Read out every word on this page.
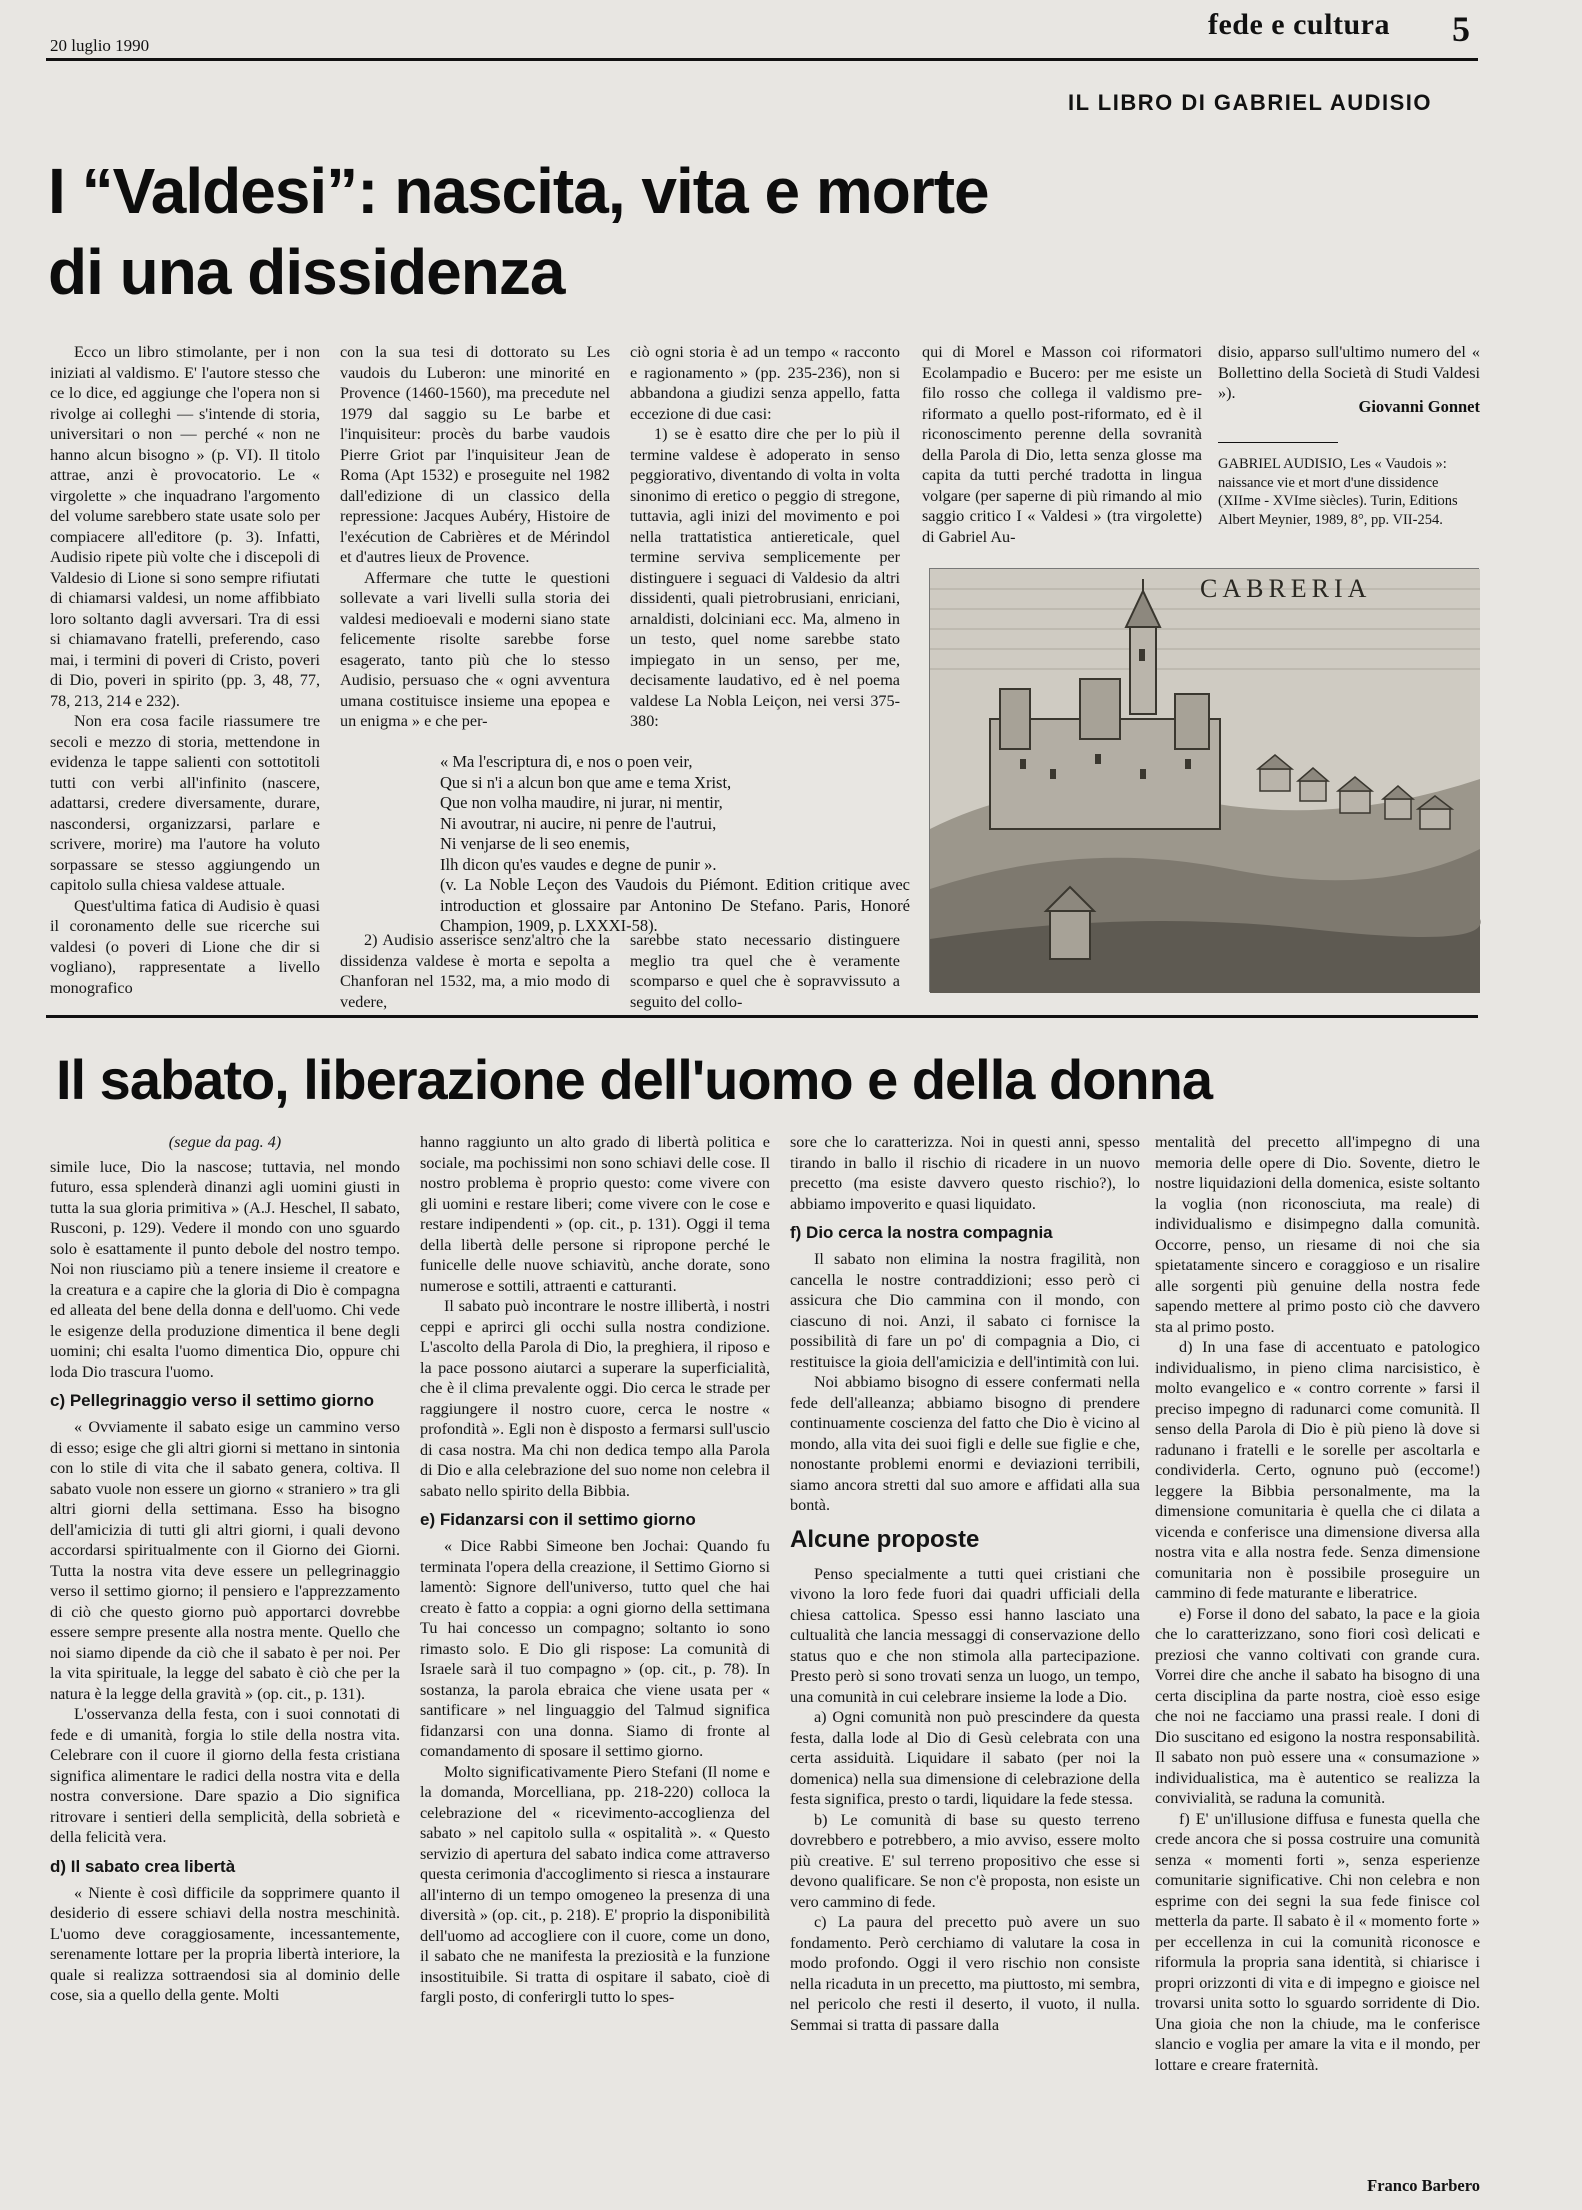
20 luglio 1990
fede e cultura 5
IL LIBRO DI GABRIEL AUDISIO
I “Valdesi”: nascita, vita e morte
di una dissidenza

Ecco un libro stimolante, per i non iniziati al valdismo. E' l'autore stesso che ce lo dice, ed aggiunge che l'opera non si rivolge ai colleghi — s'intende di storia, universitari o non — perché « non ne hanno alcun bisogno » (p. VI). Il titolo attrae, anzi è provocatorio. Le « virgolette » che inquadrano l'argomento del volume sarebbero state usate solo per compiacere all'editore (p. 3). Infatti, Audisio ripete più volte che i discepoli di Valdesio di Lione si sono sempre rifiutati di chiamarsi valdesi, un nome affibbiato loro soltanto dagli avversari. Tra di essi si chiamavano fratelli, preferendo, caso mai, i termini di poveri di Cristo, poveri di Dio, poveri in spirito (pp. 3, 48, 77, 78, 213, 214 e 232).

Non era cosa facile riassumere tre secoli e mezzo di storia, mettendone in evidenza le tappe salienti con sottotitoli tutti con verbi all'infinito (nascere, adattarsi, credere diversamente, durare, nascondersi, organizzarsi, parlare e scrivere, morire) ma l'autore ha voluto sorpassare se stesso aggiungendo un capitolo sulla chiesa valdese attuale.

Quest'ultima fatica di Audisio è quasi il coronamento delle sue ricerche sui valdesi (o poveri di Lione che dir si vogliano), rappresentate a livello monografico

con la sua tesi di dottorato su Les vaudois du Luberon: une minorité en Provence (1460-1560), ma precedute nel 1979 dal saggio su Le barbe et l'inquisiteur: procès du barbe vaudois Pierre Griot par l'inquisiteur Jean de Roma (Apt 1532) e proseguite nel 1982 dall'edizione di un classico della repressione: Jacques Aubéry, Histoire de l'exécution de Cabrières et de Mérindol et d'autres lieux de Provence.

Affermare che tutte le questioni sollevate a vari livelli sulla storia dei valdesi medioevali e moderni siano state felicemente risolte sarebbe forse esagerato, tanto più che lo stesso Audisio, persuaso che « ogni avventura umana costituisce insieme una epopea e un enigma » e che per-

ciò ogni storia è ad un tempo « racconto e ragionamento » (pp. 235-236), non si abbandona a giudizi senza appello, fatta eccezione di due casi:

1) se è esatto dire che per lo più il termine valdese è adoperato in senso peggiorativo, diventando di volta in volta sinonimo di eretico o peggio di stregone, tuttavia, agli inizi del movimento e poi nella trattatistica antiereticale, quel termine serviva semplicemente per distinguere i seguaci di Valdesio da altri dissidenti, quali pietrobrusiani, enriciani, arnaldisti, dolciniani ecc. Ma, almeno in un testo, quel nome sarebbe stato impiegato in un senso, per me, decisamente laudativo, ed è nel poema valdese La Nobla Leiçon, nei versi 375-380:

« Ma l'escriptura di, e nos o poen veir,

Que si n'i a alcun bon que ame e tema Xrist,

Que non volha maudire, ni jurar, ni mentir,

Ni avoutrar, ni aucire, ni penre de l'autrui,

Ni venjarse de li seo enemis,

Ilh dicon qu'es vaudes e degne de punir ».

(v. La Noble Leçon des Vaudois du Piémont. Edition critique avec introduction et glossaire par Antonino De Stefano. Paris, Honoré Champion, 1909, p. LXXXI-58).

2) Audisio asserisce senz'altro che la dissidenza valdese è morta e sepolta a Chanforan nel 1532, ma, a mio modo di vedere,

sarebbe stato necessario distinguere meglio tra quel che è veramente scomparso e quel che è sopravvissuto a seguito del collo-

qui di Morel e Masson coi riformatori Ecolampadio e Bucero: per me esiste un filo rosso che collega il valdismo pre-riformato a quello post-riformato, ed è il riconoscimento perenne della sovranità della Parola di Dio, letta senza glosse ma capita da tutti perché tradotta in lingua volgare (per saperne di più rimando al mio saggio critico I « Valdesi » (tra virgolette) di Gabriel Au-

disio, apparso sull'ultimo numero del « Bollettino della Società di Studi Valdesi »).

Giovanni Gonnet
GABRIEL AUDISIO, Les « Vaudois »: naissance vie et mort d'une dissidence (XIIme - XVIme siècles). Turin, Editions Albert Meynier, 1989, 8°, pp. VII-254.
CABRERIA
Il sabato, liberazione dell'uomo e della donna

(segue da pag. 4)

simile luce, Dio la nascose; tuttavia, nel mondo futuro, essa splenderà dinanzi agli uomini giusti in tutta la sua gloria primitiva » (A.J. Heschel, Il sabato, Rusconi, p. 129). Vedere il mondo con uno sguardo solo è esattamente il punto debole del nostro tempo. Noi non riusciamo più a tenere insieme il creatore e la creatura e a capire che la gloria di Dio è compagna ed alleata del bene della donna e dell'uomo. Chi vede le esigenze della produzione dimentica il bene degli uomini; chi esalta l'uomo dimentica Dio, oppure chi loda Dio trascura l'uomo.

c) Pellegrinaggio verso il settimo giorno

« Ovviamente il sabato esige un cammino verso di esso; esige che gli altri giorni si mettano in sintonia con lo stile di vita che il sabato genera, coltiva. Il sabato vuole non essere un giorno « straniero » tra gli altri giorni della settimana. Esso ha bisogno dell'amicizia di tutti gli altri giorni, i quali devono accordarsi spiritualmente con il Giorno dei Giorni. Tutta la nostra vita deve essere un pellegrinaggio verso il settimo giorno; il pensiero e l'apprezzamento di ciò che questo giorno può apportarci dovrebbe essere sempre presente alla nostra mente. Quello che noi siamo dipende da ciò che il sabato è per noi. Per la vita spirituale, la legge del sabato è ciò che per la natura è la legge della gravità » (op. cit., p. 131).

L'osservanza della festa, con i suoi connotati di fede e di umanità, forgia lo stile della nostra vita. Celebrare con il cuore il giorno della festa cristiana significa alimentare le radici della nostra vita e della nostra conversione. Dare spazio a Dio significa ritrovare i sentieri della semplicità, della sobrietà e della felicità vera.

d) Il sabato crea libertà

« Niente è così difficile da sopprimere quanto il desiderio di essere schiavi della nostra meschinità. L'uomo deve coraggiosamente, incessantemente, serenamente lottare per la propria libertà interiore, la quale si realizza sottraendosi sia al dominio delle cose, sia a quello della gente. Molti

hanno raggiunto un alto grado di libertà politica e sociale, ma pochissimi non sono schiavi delle cose. Il nostro problema è proprio questo: come vivere con gli uomini e restare liberi; come vivere con le cose e restare indipendenti » (op. cit., p. 131). Oggi il tema della libertà delle persone si ripropone perché le funicelle delle nuove schiavitù, anche dorate, sono numerose e sottili, attraenti e catturanti.

Il sabato può incontrare le nostre illibertà, i nostri ceppi e aprirci gli occhi sulla nostra condizione. L'ascolto della Parola di Dio, la preghiera, il riposo e la pace possono aiutarci a superare la superficialità, che è il clima prevalente oggi. Dio cerca le strade per raggiungere il nostro cuore, cerca le nostre « profondità ». Egli non è disposto a fermarsi sull'uscio di casa nostra. Ma chi non dedica tempo alla Parola di Dio e alla celebrazione del suo nome non celebra il sabato nello spirito della Bibbia.

e) Fidanzarsi con il settimo giorno

« Dice Rabbi Simeone ben Jochai: Quando fu terminata l'opera della creazione, il Settimo Giorno si lamentò: Signore dell'universo, tutto quel che hai creato è fatto a coppia: a ogni giorno della settimana Tu hai concesso un compagno; soltanto io sono rimasto solo. E Dio gli rispose: La comunità di Israele sarà il tuo compagno » (op. cit., p. 78). In sostanza, la parola ebraica che viene usata per « santificare » nel linguaggio del Talmud significa fidanzarsi con una donna. Siamo di fronte al comandamento di sposare il settimo giorno.

Molto significativamente Piero Stefani (Il nome e la domanda, Morcelliana, pp. 218-220) colloca la celebrazione del « ricevimento-accoglienza del sabato » nel capitolo sulla « ospitalità ». « Questo servizio di apertura del sabato indica come attraverso questa cerimonia d'accoglimento si riesca a instaurare all'interno di un tempo omogeneo la presenza di una diversità » (op. cit., p. 218). E' proprio la disponibilità dell'uomo ad accogliere con il cuore, come un dono, il sabato che ne manifesta la preziosità e la funzione insostituibile. Si tratta di ospitare il sabato, cioè di fargli posto, di conferirgli tutto lo spes-

sore che lo caratterizza. Noi in questi anni, spesso tirando in ballo il rischio di ricadere in un nuovo precetto (ma esiste davvero questo rischio?), lo abbiamo impoverito e quasi liquidato.

f) Dio cerca la nostra compagnia

Il sabato non elimina la nostra fragilità, non cancella le nostre contraddizioni; esso però ci assicura che Dio cammina con il mondo, con ciascuno di noi. Anzi, il sabato ci fornisce la possibilità di fare un po' di compagnia a Dio, ci restituisce la gioia dell'amicizia e dell'intimità con lui.

Noi abbiamo bisogno di essere confermati nella fede dell'alleanza; abbiamo bisogno di prendere continuamente coscienza del fatto che Dio è vicino al mondo, alla vita dei suoi figli e delle sue figlie e che, nonostante problemi enormi e deviazioni terribili, siamo ancora stretti dal suo amore e affidati alla sua bontà.

Alcune proposte

Penso specialmente a tutti quei cristiani che vivono la loro fede fuori dai quadri ufficiali della chiesa cattolica. Spesso essi hanno lasciato una cultualità che lancia messaggi di conservazione dello status quo e che non stimola alla partecipazione. Presto però si sono trovati senza un luogo, un tempo, una comunità in cui celebrare insieme la lode a Dio.

a) Ogni comunità non può prescindere da questa festa, dalla lode al Dio di Gesù celebrata con una certa assiduità. Liquidare il sabato (per noi la domenica) nella sua dimensione di celebrazione della festa significa, presto o tardi, liquidare la fede stessa.

b) Le comunità di base su questo terreno dovrebbero e potrebbero, a mio avviso, essere molto più creative. E' sul terreno propositivo che esse si devono qualificare. Se non c'è proposta, non esiste un vero cammino di fede.

c) La paura del precetto può avere un suo fondamento. Però cerchiamo di valutare la cosa in modo profondo. Oggi il vero rischio non consiste nella ricaduta in un precetto, ma piuttosto, mi sembra, nel pericolo che resti il deserto, il vuoto, il nulla. Semmai si tratta di passare dalla

mentalità del precetto all'impegno di una memoria delle opere di Dio. Sovente, dietro le nostre liquidazioni della domenica, esiste soltanto la voglia (non riconosciuta, ma reale) di individualismo e disimpegno dalla comunità. Occorre, penso, un riesame di noi che sia spietatamente sincero e coraggioso e un risalire alle sorgenti più genuine della nostra fede sapendo mettere al primo posto ciò che davvero sta al primo posto.

d) In una fase di accentuato e patologico individualismo, in pieno clima narcisistico, è molto evangelico e « contro corrente » farsi il preciso impegno di radunarci come comunità. Il senso della Parola di Dio è più pieno là dove si radunano i fratelli e le sorelle per ascoltarla e condividerla. Certo, ognuno può (eccome!) leggere la Bibbia personalmente, ma la dimensione comunitaria è quella che ci dilata a vicenda e conferisce una dimensione diversa alla nostra vita e alla nostra fede. Senza dimensione comunitaria non è possibile proseguire un cammino di fede maturante e liberatrice.

e) Forse il dono del sabato, la pace e la gioia che lo caratterizzano, sono fiori così delicati e preziosi che vanno coltivati con grande cura. Vorrei dire che anche il sabato ha bisogno di una certa disciplina da parte nostra, cioè esso esige che noi ne facciamo una prassi reale. I doni di Dio suscitano ed esigono la nostra responsabilità. Il sabato non può essere una « consumazione » individualistica, ma è autentico se realizza la convivialità, se raduna la comunità.

f) E' un'illusione diffusa e funesta quella che crede ancora che si possa costruire una comunità senza « momenti forti », senza esperienze comunitarie significative. Chi non celebra e non esprime con dei segni la sua fede finisce col metterla da parte. Il sabato è il « momento forte » per eccellenza in cui la comunità riconosce e riformula la propria sana identità, si chiarisce i propri orizzonti di vita e di impegno e gioisce nel trovarsi unita sotto lo sguardo sorridente di Dio. Una gioia che non la chiude, ma le conferisce slancio e voglia per amare la vita e il mondo, per lottare e creare fraternità.

Franco Barbero
